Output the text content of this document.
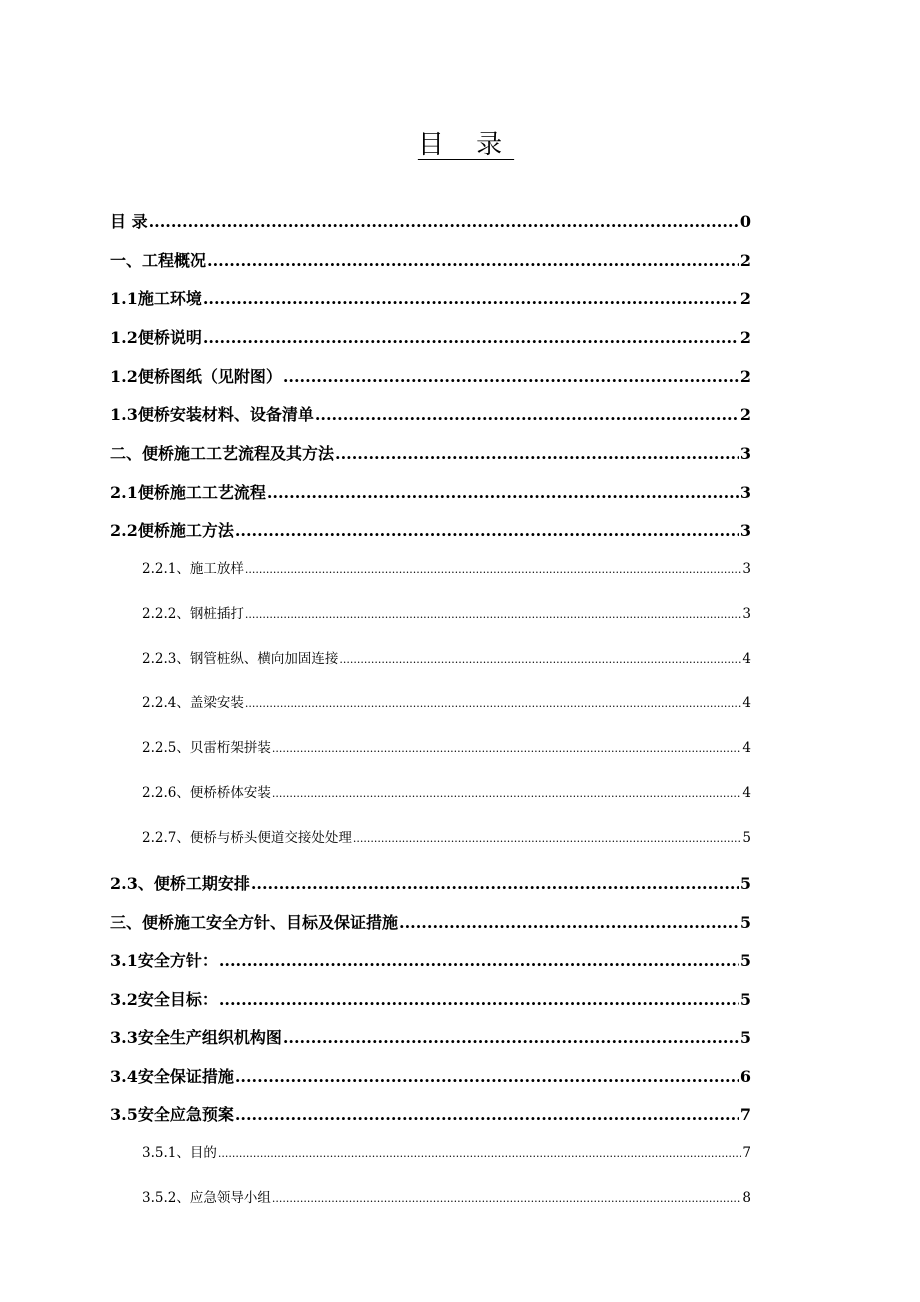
目 录
目 录 .....	0
一、工程概况 .....	2
1.1施工环境 .....	2
1.2便桥说明 .....	2
1.2便桥图纸（见附图） .....	2
1.3便桥安装材料、设备清单 .....	2
二、便桥施工工艺流程及其方法 .....	3
2.1便桥施工工艺流程 .....	3
2.2便桥施工方法 .....	3
2.2.1、施工放样 .....	3
2.2.2、钢桩插打 .....	3
2.2.3、钢管桩纵、横向加固连接 .....	4
2.2.4、盖梁安装 .....	4
2.2.5、贝雷桁架拼装 .....	4
2.2.6、便桥桥体安装 .....	4
2.2.7、便桥与桥头便道交接处处理 .....	5
2.3、便桥工期安排 .....	5
三、便桥施工安全方针、目标及保证措施 .....	5
3.1安全方针： .....	5
3.2安全目标： .....	5
3.3安全生产组织机构图 .....	5
3.4安全保证措施 .....	6
3.5安全应急预案 .....	7
3.5.1、目的 .....	7
3.5.2、应急领导小组 .....	8
